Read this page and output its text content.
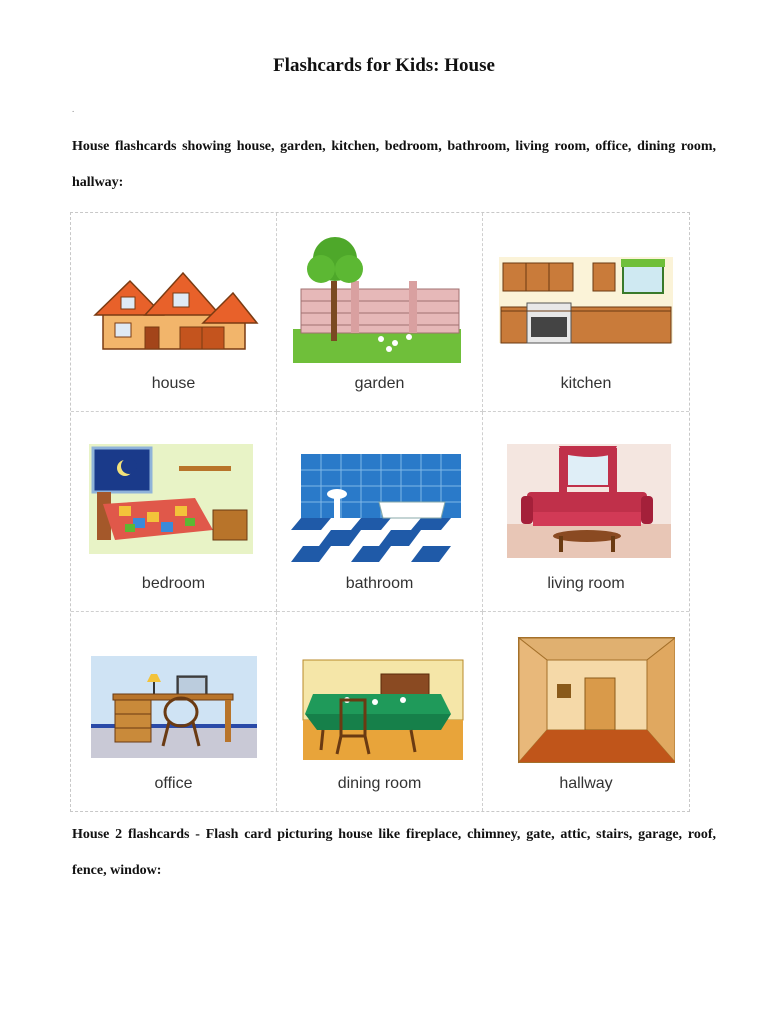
Flashcards for Kids: House
.
House flashcards showing house, garden, kitchen, bedroom, bathroom, living room, office, dining room, hallway:
house	garden	kitchen
bedroom	bathroom	living room
office	dining room	hallway
House 2 flashcards - Flash card picturing house like fireplace, chimney, gate, attic, stairs, garage, roof, fence, window:
